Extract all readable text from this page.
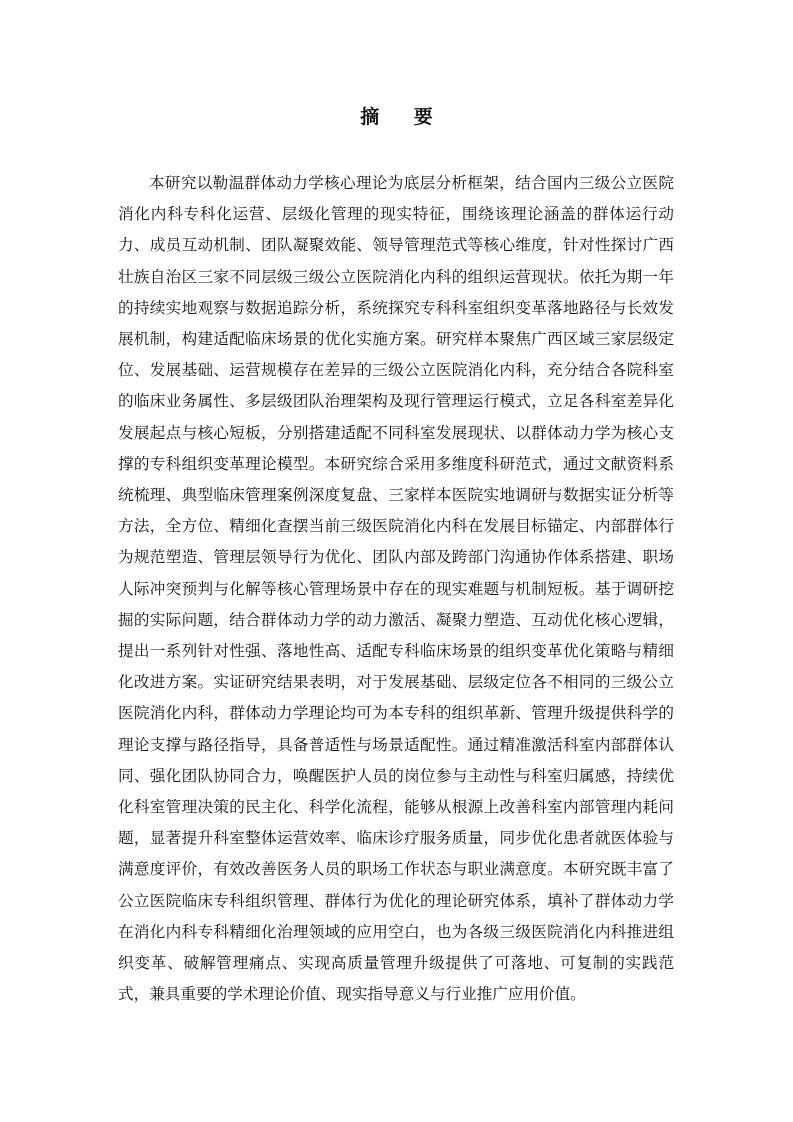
摘 要

本研究以勒温群体动力学核心理论为底层分析框架，结合国内三级公立医院消化内科专科化运营、层级化管理的现实特征，围绕该理论涵盖的群体运行动力、成员互动机制、团队凝聚效能、领导管理范式等核心维度，针对性探讨广西壮族自治区三家不同层级三级公立医院消化内科的组织运营现状。依托为期一年的持续实地观察与数据追踪分析，系统探究专科科室组织变革落地路径与长效发展机制，构建适配临床场景的优化实施方案。研究样本聚焦广西区域三家层级定位、发展基础、运营规模存在差异的三级公立医院消化内科，充分结合各院科室的临床业务属性、多层级团队治理架构及现行管理运行模式，立足各科室差异化发展起点与核心短板，分别搭建适配不同科室发展现状、以群体动力学为核心支撑的专科组织变革理论模型。本研究综合采用多维度科研范式，通过文献资料系统梳理、典型临床管理案例深度复盘、三家样本医院实地调研与数据实证分析等方法，全方位、精细化查摆当前三级医院消化内科在发展目标锚定、内部群体行为规范塑造、管理层领导行为优化、团队内部及跨部门沟通协作体系搭建、职场人际冲突预判与化解等核心管理场景中存在的现实难题与机制短板。基于调研挖掘的实际问题，结合群体动力学的动力激活、凝聚力塑造、互动优化核心逻辑，提出一系列针对性强、落地性高、适配专科临床场景的组织变革优化策略与精细化改进方案。实证研究结果表明，对于发展基础、层级定位各不相同的三级公立医院消化内科，群体动力学理论均可为本专科的组织革新、管理升级提供科学的理论支撑与路径指导，具备普适性与场景适配性。通过精准激活科室内部群体认同、强化团队协同合力，唤醒医护人员的岗位参与主动性与科室归属感，持续优化科室管理决策的民主化、科学化流程，能够从根源上改善科室内部管理内耗问题，显著提升科室整体运营效率、临床诊疗服务质量，同步优化患者就医体验与满意度评价，有效改善医务人员的职场工作状态与职业满意度。本研究既丰富了公立医院临床专科组织管理、群体行为优化的理论研究体系，填补了群体动力学在消化内科专科精细化治理领域的应用空白，也为各级三级医院消化内科推进组织变革、破解管理痛点、实现高质量管理升级提供了可落地、可复制的实践范式，兼具重要的学术理论价值、现实指导意义与行业推广应用价值。
